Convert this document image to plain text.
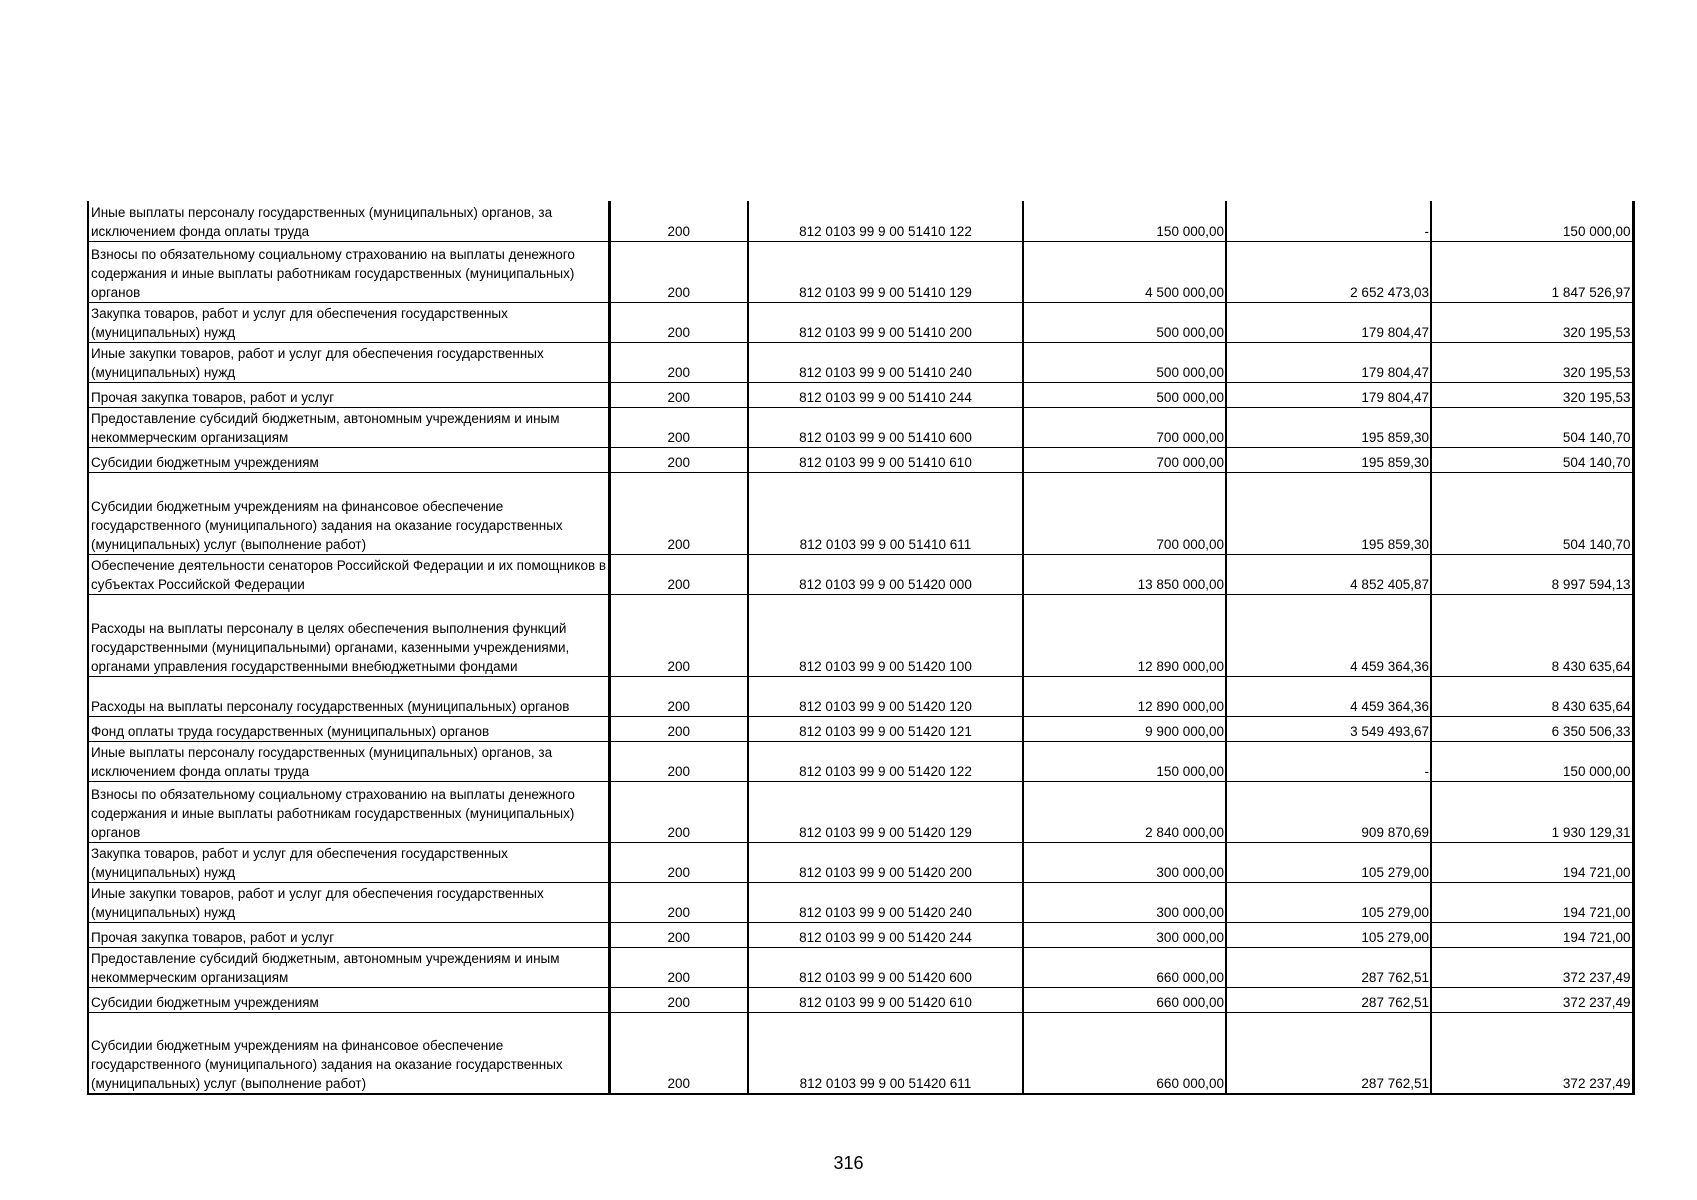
Иные выплаты персоналу государственных (муниципальных) органов, за исключением фонда оплаты труда	200	812 0103 99 9 00 51410 122	150 000,00	-	150 000,00
Взносы по обязательному социальному страхованию на выплаты денежного содержания и иные выплаты работникам государственных (муниципальных) органов	200	812 0103 99 9 00 51410 129	4 500 000,00	2 652 473,03	1 847 526,97
Закупка товаров, работ и услуг для обеспечения государственных (муниципальных) нужд	200	812 0103 99 9 00 51410 200	500 000,00	179 804,47	320 195,53
Иные закупки товаров, работ и услуг для обеспечения государственных (муниципальных) нужд	200	812 0103 99 9 00 51410 240	500 000,00	179 804,47	320 195,53
Прочая закупка товаров, работ и услуг	200	812 0103 99 9 00 51410 244	500 000,00	179 804,47	320 195,53
Предоставление субсидий бюджетным, автономным учреждениям и иным некоммерческим организациям	200	812 0103 99 9 00 51410 600	700 000,00	195 859,30	504 140,70
Субсидии бюджетным учреждениям	200	812 0103 99 9 00 51410 610	700 000,00	195 859,30	504 140,70
Субсидии бюджетным учреждениям на финансовое обеспечение государственного (муниципального) задания на оказание государственных (муниципальных) услуг (выполнение работ)	200	812 0103 99 9 00 51410 611	700 000,00	195 859,30	504 140,70
Обеспечение деятельности сенаторов Российской Федерации и их помощников в субъектах Российской Федерации	200	812 0103 99 9 00 51420 000	13 850 000,00	4 852 405,87	8 997 594,13
Расходы на выплаты персоналу в целях обеспечения выполнения функций государственными (муниципальными) органами, казенными учреждениями, органами управления государственными внебюджетными фондами	200	812 0103 99 9 00 51420 100	12 890 000,00	4 459 364,36	8 430 635,64
Расходы на выплаты персоналу государственных (муниципальных) органов	200	812 0103 99 9 00 51420 120	12 890 000,00	4 459 364,36	8 430 635,64
Фонд оплаты труда государственных (муниципальных) органов	200	812 0103 99 9 00 51420 121	9 900 000,00	3 549 493,67	6 350 506,33
Иные выплаты персоналу государственных (муниципальных) органов, за исключением фонда оплаты труда	200	812 0103 99 9 00 51420 122	150 000,00	-	150 000,00
Взносы по обязательному социальному страхованию на выплаты денежного содержания и иные выплаты работникам государственных (муниципальных) органов	200	812 0103 99 9 00 51420 129	2 840 000,00	909 870,69	1 930 129,31
Закупка товаров, работ и услуг для обеспечения государственных (муниципальных) нужд	200	812 0103 99 9 00 51420 200	300 000,00	105 279,00	194 721,00
Иные закупки товаров, работ и услуг для обеспечения государственных (муниципальных) нужд	200	812 0103 99 9 00 51420 240	300 000,00	105 279,00	194 721,00
Прочая закупка товаров, работ и услуг	200	812 0103 99 9 00 51420 244	300 000,00	105 279,00	194 721,00
Предоставление субсидий бюджетным, автономным учреждениям и иным некоммерческим организациям	200	812 0103 99 9 00 51420 600	660 000,00	287 762,51	372 237,49
Субсидии бюджетным учреждениям	200	812 0103 99 9 00 51420 610	660 000,00	287 762,51	372 237,49
Субсидии бюджетным учреждениям на финансовое обеспечение государственного (муниципального) задания на оказание государственных (муниципальных) услуг (выполнение работ)	200	812 0103 99 9 00 51420 611	660 000,00	287 762,51	372 237,49
316
